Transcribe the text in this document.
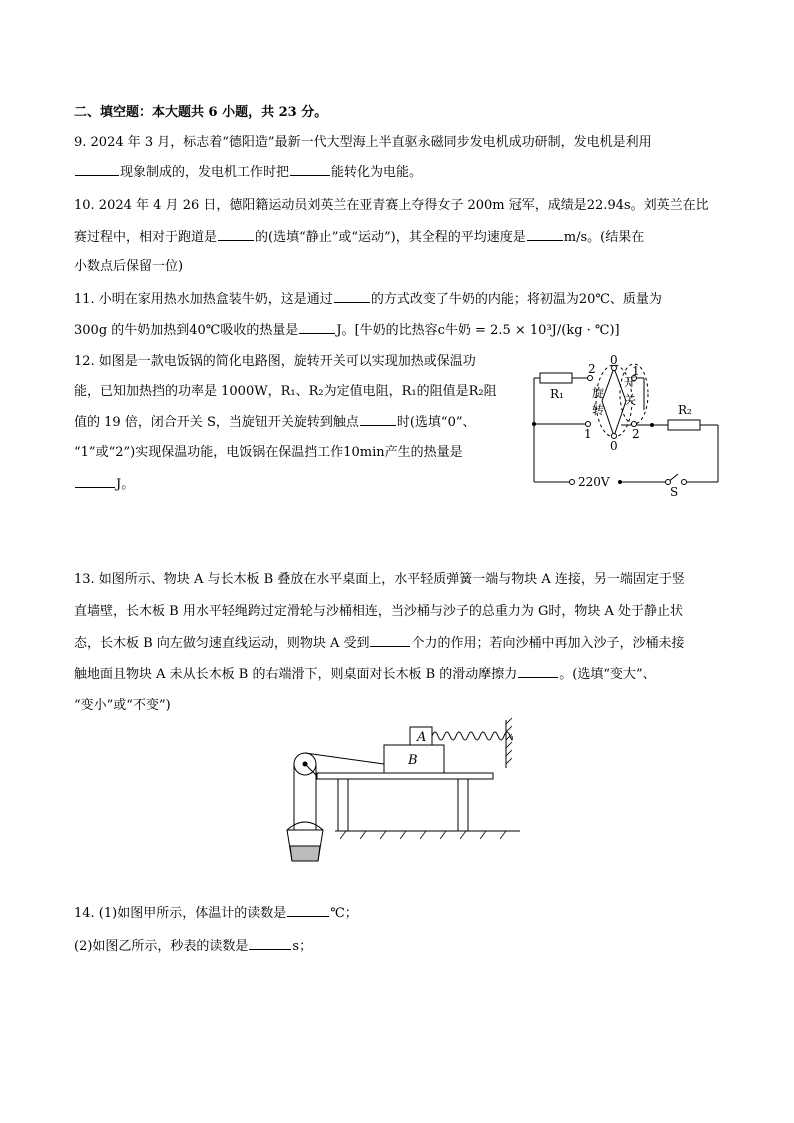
二、填空题：本大题共 6 小题，共 23 分。
9. 2024 年 3 月，标志着“德阳造”最新一代大型海上半直驱永磁同步发电机成功研制，发电机是利用
现象制成的，发电机工作时把	能转化为电能。
10. 2024 年 4 月 26 日，德阳籍运动员刘英兰在亚青赛上夺得女子 200m 冠军，成绩是22.94s。刘英兰在比
赛过程中，相对于跑道是	的(选填“静止”或“运动”)，其全程的平均速度是	m/s。(结果在
小数点后保留一位)
11. 小明在家用热水加热盒装牛奶，这是通过	的方式改变了牛奶的内能；将初温为20℃、质量为
300g 的牛奶加热到40℃吸收的热量是	J。[牛奶的比热容c牛奶 = 2.5 × 10³J/(kg · ℃)]
12. 如图是一款电饭锅的简化电路图，旋转开关可以实现加热或保温功
能，已知加热挡的功率是 1000W，R₁、R₂为定值电阻，R₁的阻值是R₂阻
值的 19 倍，闭合开关 S，当旋钮开关旋转到触点	时(选填“0”、
“1”或“2”)实现保温功能，电饭锅在保温挡工作10min产生的热量是
J。
R₁
R₂
0
0
2	1
1	2
旋
转
开
关
220V
S
13. 如图所示、物块 A 与长木板 B 叠放在水平桌面上，水平轻质弹簧一端与物块 A 连接，另一端固定于竖
直墙壁，长木板 B 用水平轻绳跨过定滑轮与沙桶相连，当沙桶与沙子的总重力为 G时，物块 A 处于静止状
态，长木板 B 向左做匀速直线运动，则物块 A 受到	个力的作用；若向沙桶中再加入沙子，沙桶未接
触地面且物块 A 未从长木板 B 的右端滑下，则桌面对长木板 B 的滑动摩擦力	。(选填“变大”、
“变小”或“不变”)
A
B
14. (1)如图甲所示，体温计的读数是	℃；
(2)如图乙所示，秒表的读数是	s；
